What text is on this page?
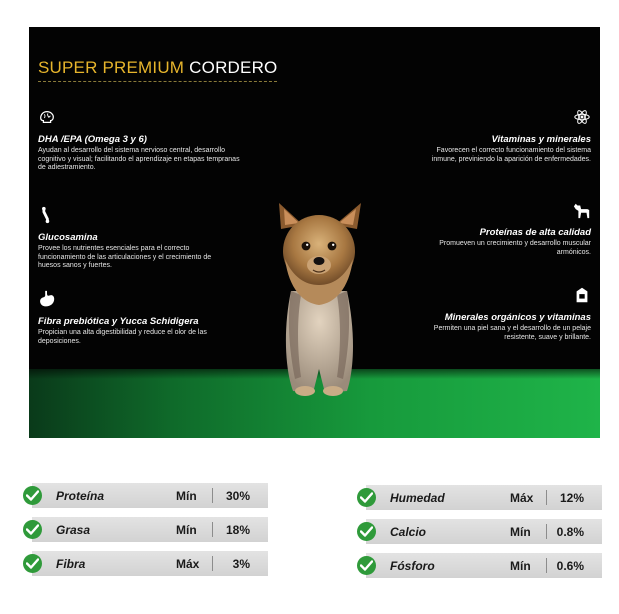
SUPER PREMIUM CORDERO
DHA /EPA (Omega 3 y 6)
Ayudan al desarrollo del sistema nervioso central, desarrollo cognitivo y visual; facilitando el aprendizaje en etapas tempranas de adiestramiento.
Glucosamina
Provee los nutrientes esenciales para el correcto funcionamiento de las articulaciones y el crecimiento de huesos sanos y fuertes.
Fibra prebiótica y Yucca Schidigera
Propician una alta digestibilidad y reduce el olor de las deposiciones.
Vitaminas y minerales
Favorecen el correcto funcionamiento del sistema inmune, previniendo la aparición de enfermedades.
Proteínas de alta calidad
Promueven un crecimiento y desarrollo muscular armónicos.
Minerales orgánicos y vitaminas
Permiten una piel sana y el desarrollo de un pelaje resistente, suave y brillante.
Proteína	Mín 30%
Grasa	Mín 18%
Fibra	Máx	3%
Humedad	Máx 12%
Calcio	Mín 0.8%
Fósforo	Mín 0.6%
